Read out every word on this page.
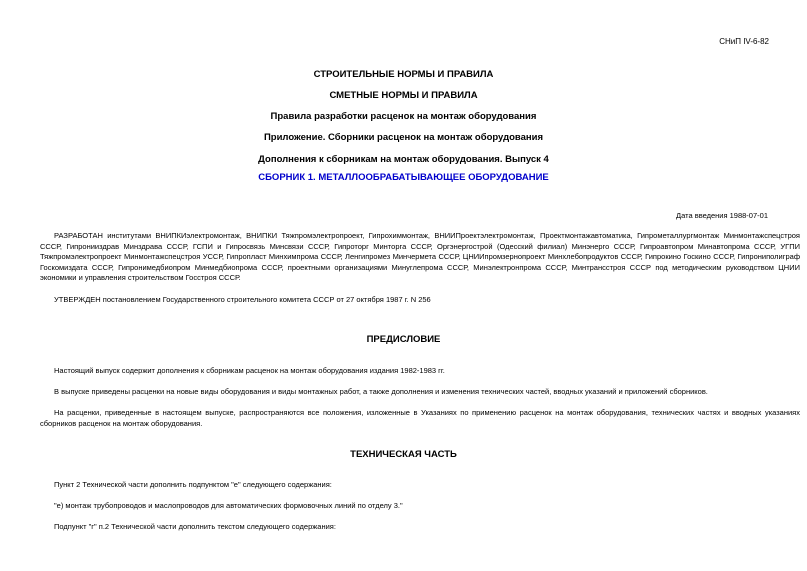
СНиП IV-6-82
СТРОИТЕЛЬНЫЕ НОРМЫ И ПРАВИЛА
СМЕТНЫЕ НОРМЫ И ПРАВИЛА
Правила разработки расценок на монтаж оборудования
Приложение. Сборники расценок на монтаж оборудования
Дополнения к сборникам на монтаж оборудования. Выпуск 4
СБОРНИК 1. МЕТАЛЛООБРАБАТЫВАЮЩЕЕ ОБОРУДОВАНИЕ
Дата введения 1988-07-01
РАЗРАБОТАН институтами ВНИПКИэлектромонтаж, ВНИПКИ Тяжпромэлектропроект, Гипрохиммонтаж, ВНИИПроектэлектромонтаж, Проектмонтажавтоматика, Гипрометаллургмонтаж Минмонтажспецстроя СССР, Гипронииздрав Минздрава СССР, ГСПИ и Гипросвязь Минсвязи СССР, Гипроторг Минторга СССР, Оргэнергострой (Одесский филиал) Минэнерго СССР, Гипроавтопром Минавтопрома СССР, УГПИ Тяжпромэлектропроект Минмонтажспецстроя УССР, Гипропласт Минхимпрома СССР, Ленгипромез Минчермета СССР, ЦНИИпромзернопроект Минхлебопродуктов СССР, Гипрокино Госкино СССР, Гипрониполиграф Госкомиздата СССР, Гипронимедбиопром Минмедбиопрома СССР, проектными организациями Минуглепрома СССР, Минэлектронпрома СССР, Минтрансстроя СССР под методическим руководством ЦНИИ экономики и управления строительством Госстроя СССР.
УТВЕРЖДЕН постановлением Государственного строительного комитета СССР от 27 октября 1987 г. N 256
ПРЕДИСЛОВИЕ
Настоящий выпуск содержит дополнения к сборникам расценок на монтаж оборудования издания 1982-1983 гг.
В выпуске приведены расценки на новые виды оборудования и виды монтажных работ, а также дополнения и изменения технических частей, вводных указаний и приложений сборников.
На расценки, приведенные в настоящем выпуске, распространяются все положения, изложенные в Указаниях по применению расценок на монтаж оборудования, технических частях и вводных указаниях сборников расценок на монтаж оборудования.
ТЕХНИЧЕСКАЯ ЧАСТЬ
Пункт 2 Технической части дополнить подпунктом "е" следующего содержания:
"е) монтаж трубопроводов и маслопроводов для автоматических формовочных линий по отделу 3."
Подпункт "г" п.2 Технической части дополнить текстом следующего содержания:
